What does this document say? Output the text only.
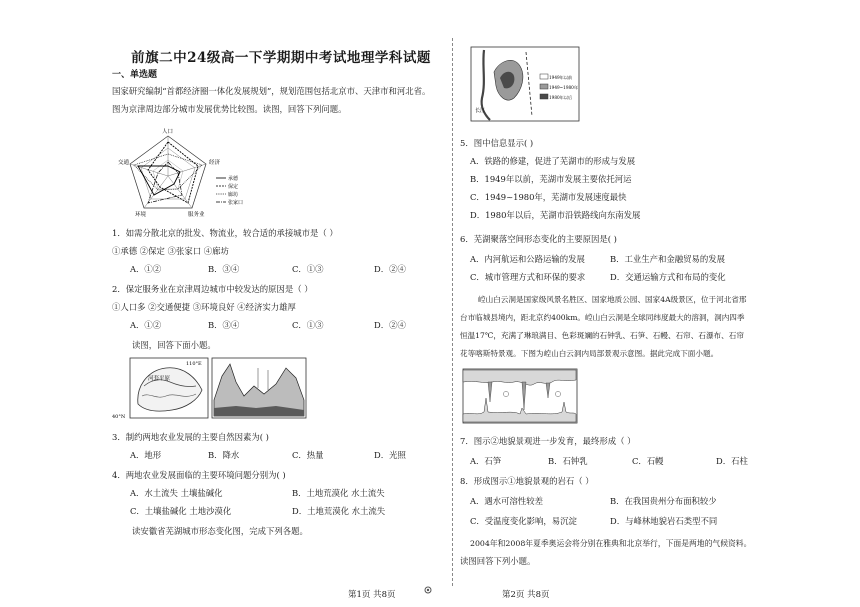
前旗二中24级高一下学期期中考试地理学科试题
一、单选题
国家研究编制“首都经济圈一体化发展规划”，规划范围包括北京市、天津市和河北省。
图为京津周边部分城市发展优势比较图。读图，回答下列问题。
人口
经济
服务业
环境
交通
承德
保定
廊坊
张家口
1．如需分散北京的批发、物流业，较合适的承接城市是（ ）
①承德 ②保定 ③张家口 ④廊坊
A．①②	B．③④	C．①③	D．②④
2．保定服务业在京津周边城市中较发达的原因是（ ）
①人口多 ②交通便捷 ③环境良好 ④经济实力雄厚
A．①②	B．③④	C．①③	D．②④
读图，回答下面小题。
河套平原
110°E
40°N
3．制约两地农业发展的主要自然因素为( )
A．地形	B．降水	C．热量	D．光照
4．两地农业发展面临的主要环境问题分别为( )
A．水土流失 土壤盐碱化	B．土地荒漠化 水土流失
C．土壤盐碱化 土地沙漠化	D．土地荒漠化 水土流失
读安徽省芜湖城市形态变化图，完成下列各题。
第1页 共8页
长江
1949年以前
1949~1980年
1980年以后
5．图中信息显示( )
A．铁路的修建，促进了芜湖市的形成与发展
B．1949年以前，芜湖市发展主要依托河运
C．1949~1980年，芜湖市发展速度最快
D．1980年以后，芜湖市沿铁路线向东南发展
6．芜湖聚落空间形态变化的主要原因是( )
A．内河航运和公路运输的发展	B．工业生产和金融贸易的发展
C．城市管理方式和环保的要求	D．交通运输方式和布局的变化
崆山白云洞是国家级风景名胜区、国家地质公园、国家4A级景区，位于河北省邢
台市临城县境内，距北京约400km。崆山白云洞是全球同纬度最大的溶洞，洞内四季
恒温17℃，充满了琳琅满目、色彩斑斓的石钟乳、石笋、石幔、石帘、石瀑布、石帘
花等喀斯特景观。下图为崆山白云洞内局部景观示意图。据此完成下面小题。
7．图示②地貌景观进一步发育，最终形成（ ）
A．石笋	B．石钟乳	C．石幔	D．石柱
8．形成图示①地貌景观的岩石（ ）
A．遇水可溶性较差	B．在我国贵州分布面积较少
C．受温度变化影响，易沉淀	D．与峰林地貌岩石类型不同
2004年和2008年夏季奥运会将分别在雅典和北京举行，下面是两地的气候资料。
读图回答下列小题。
第2页 共8页
